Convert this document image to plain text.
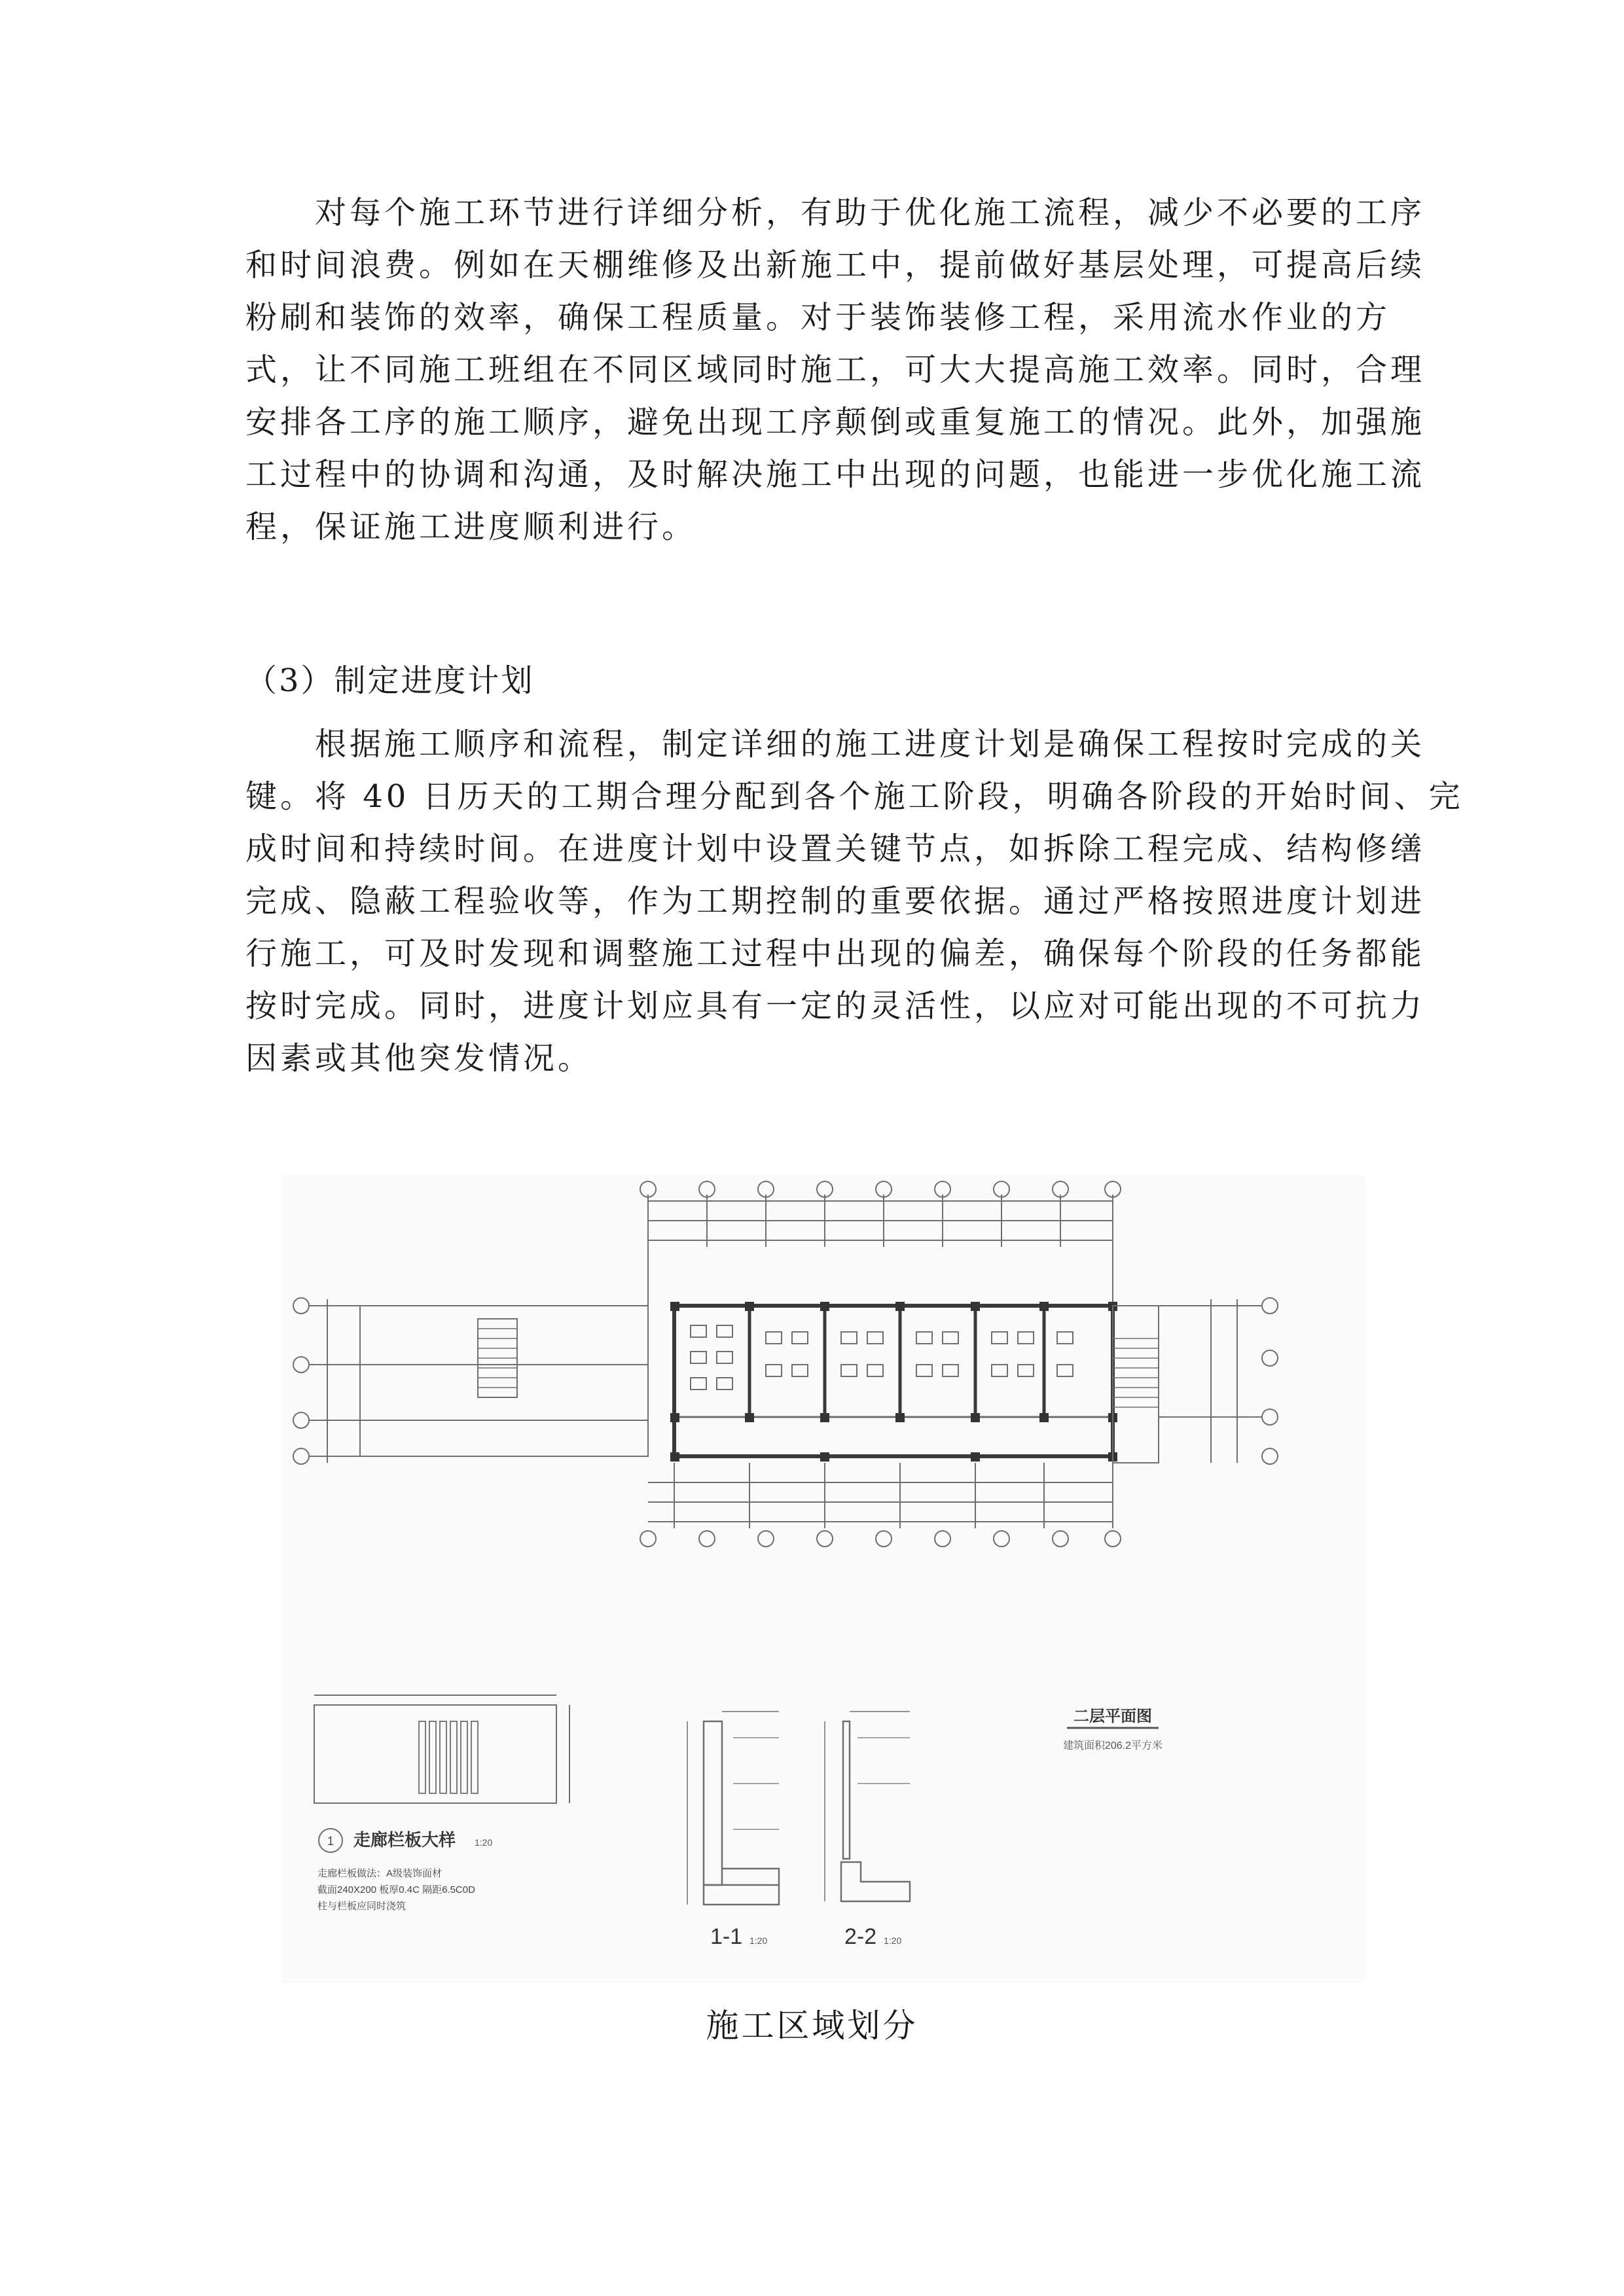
对每个施工环节进行详细分析，有助于优化施工流程，减少不必要的工序
和时间浪费。例如在天棚维修及出新施工中，提前做好基层处理，可提高后续
粉刷和装饰的效率，确保工程质量。对于装饰装修工程，采用流水作业的方
式，让不同施工班组在不同区域同时施工，可大大提高施工效率。同时，合理
安排各工序的施工顺序，避免出现工序颠倒或重复施工的情况。此外，加强施
工过程中的协调和沟通，及时解决施工中出现的问题，也能进一步优化施工流
程，保证施工进度顺利进行。
（3）制定进度计划
根据施工顺序和流程，制定详细的施工进度计划是确保工程按时完成的关
键。将 40 日历天的工期合理分配到各个施工阶段，明确各阶段的开始时间、完
成时间和持续时间。在进度计划中设置关键节点，如拆除工程完成、结构修缮
完成、隐蔽工程验收等，作为工期控制的重要依据。通过严格按照进度计划进
行施工，可及时发现和调整施工过程中出现的偏差，确保每个阶段的任务都能
按时完成。同时，进度计划应具有一定的灵活性，以应对可能出现的不可抗力
因素或其他突发情况。
二层平面图
建筑面积206.2平方米
1 走廊栏板大样 1:20
走廊栏板做法：A级装饰面材
截面240X200 板厚0.4C 隔距6.5C0D
柱与栏板应同时浇筑
1-1 1:20	2-2 1:20
施工区域划分
